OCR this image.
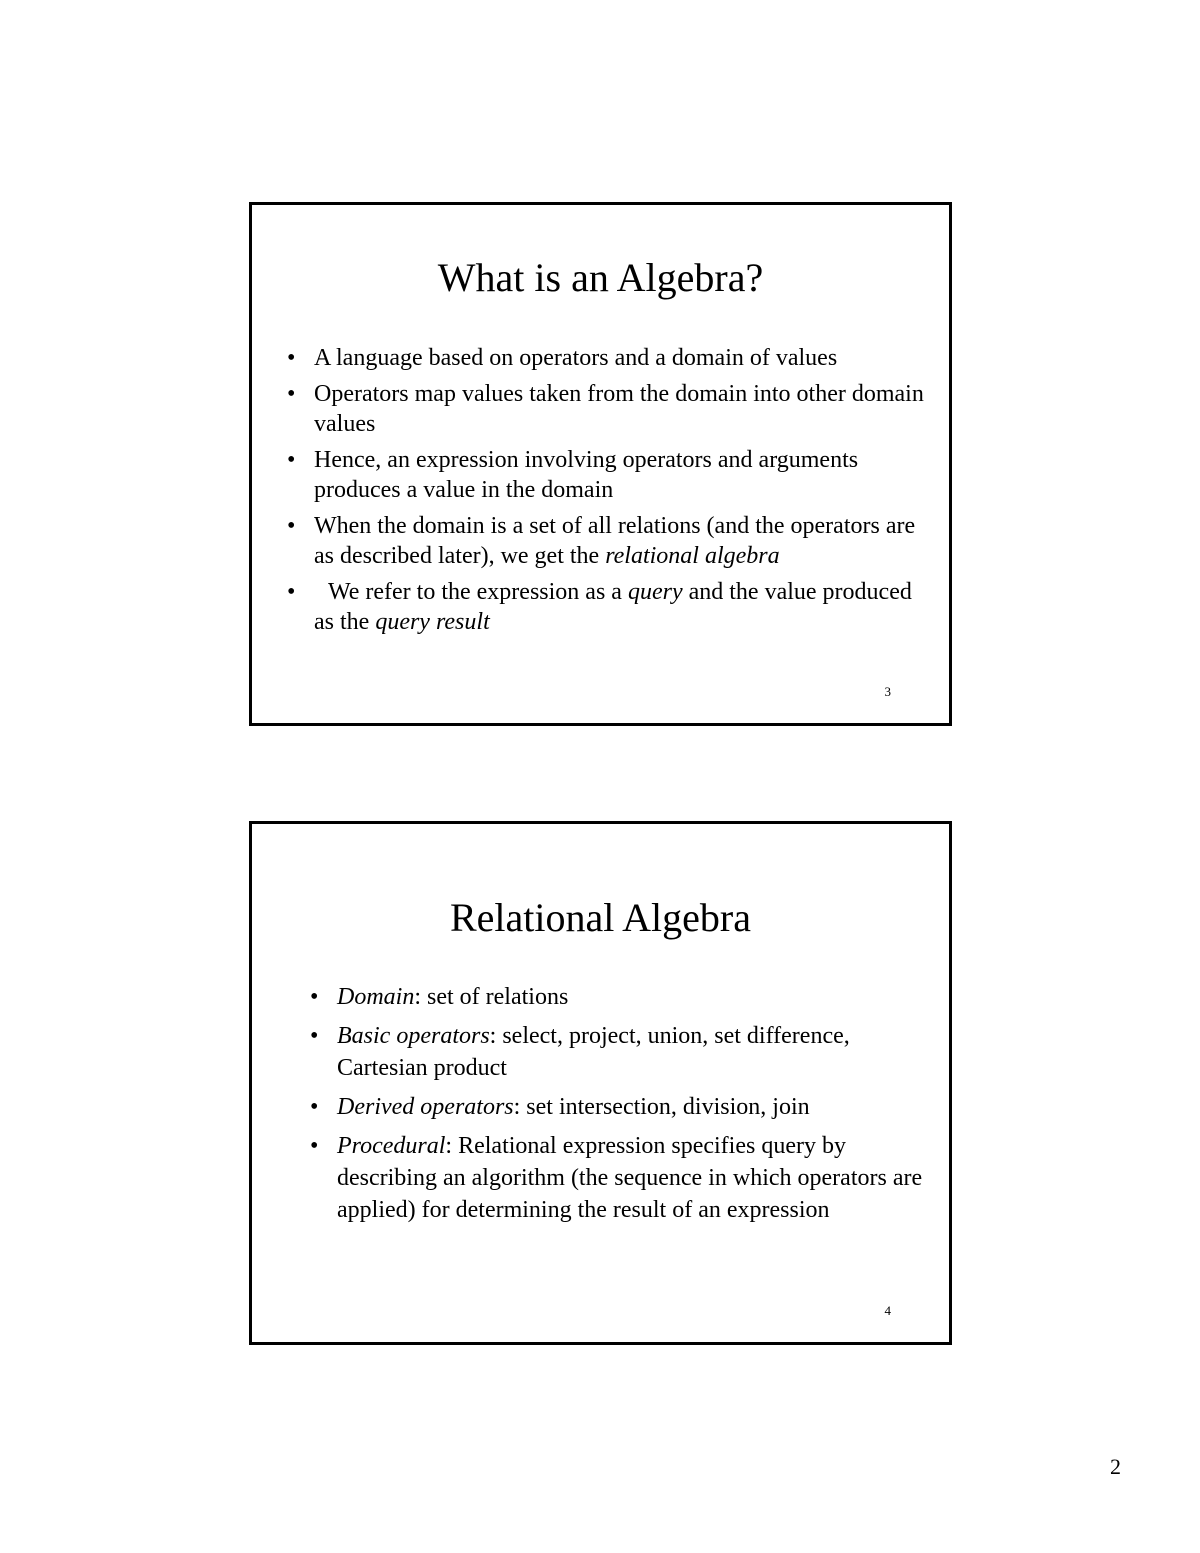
What is an Algebra?
• A language based on operators and a domain of values
• Operators map values taken from the domain into other domain values
• Hence, an expression involving operators and arguments produces a value in the domain
• When the domain is a set of all relations (and the operators are as described later), we get the relational algebra
• We refer to the expression as a query and the value produced as the query result
3
Relational Algebra
• Domain: set of relations
• Basic operators: select, project, union, set difference, Cartesian product
• Derived operators: set intersection, division, join
• Procedural: Relational expression specifies query by describing an algorithm (the sequence in which operators are applied) for determining the result of an expression
4
2
